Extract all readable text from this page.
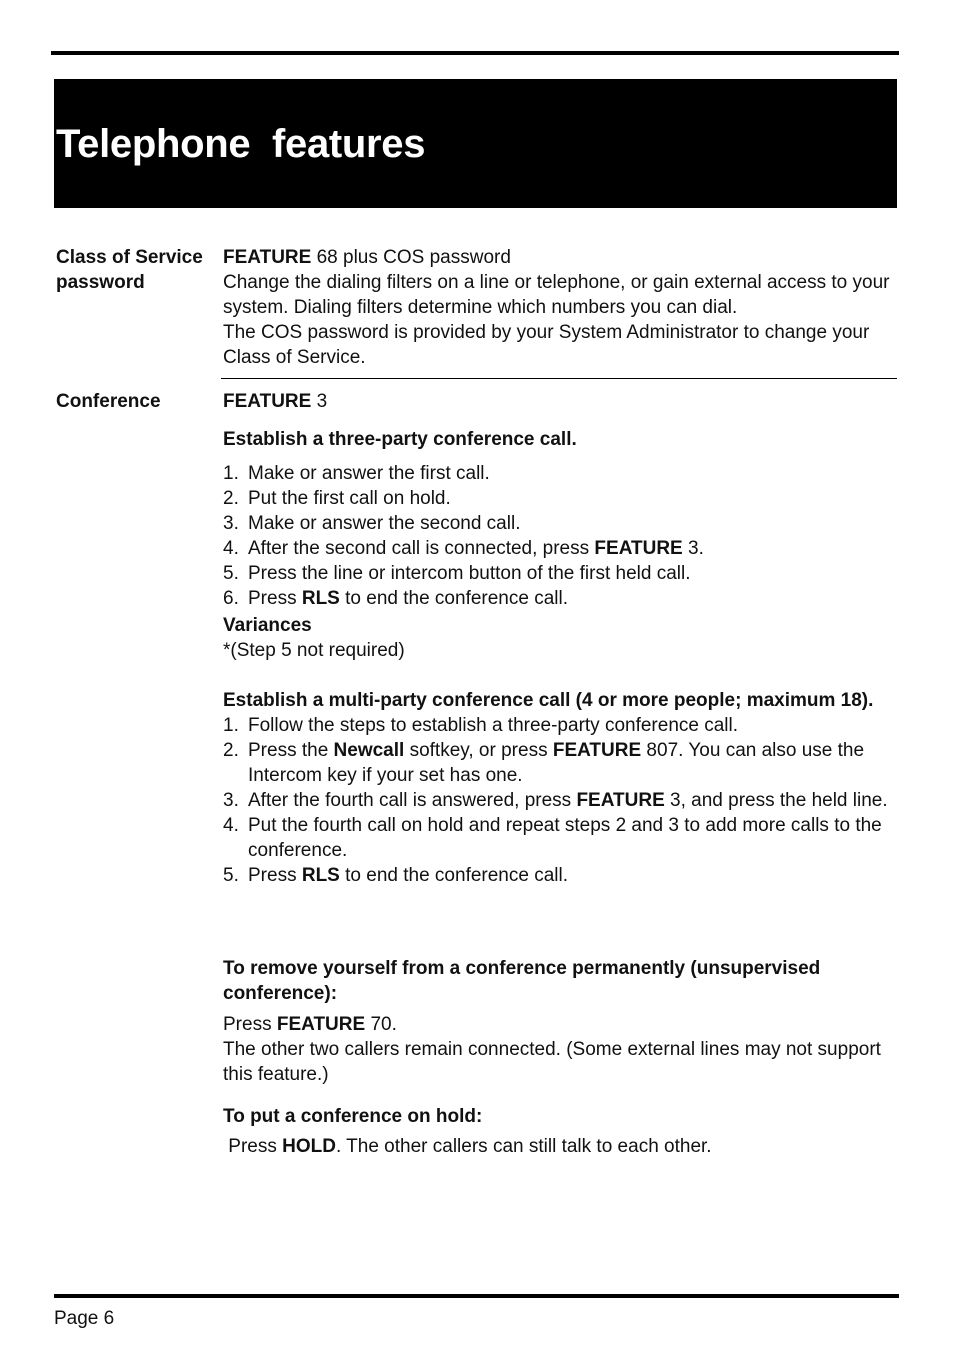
Telephone  features
Class of Service
password

FEATURE 68 plus COS password

Change the dialing filters on a line or telephone, or gain external access to your system. Dialing filters determine which numbers you can dial.

The COS password is provided by your System Administrator to change your Class of Service.

Conference	FEATURE 3

Establish a three-party conference call.

1. Make or answer the first call.
2. Put the first call on hold.
3. Make or answer the second call.
4. After the second call is connected, press FEATURE 3.
5. Press the line or intercom button of the first held call.
6. Press RLS to end the conference call.

Variances

*(Step 5 not required)

Establish a multi-party conference call (4 or more people; maximum 18).

1. Follow the steps to establish a three-party conference call.
2. Press the Newcall softkey, or press FEATURE 807. You can also use the Intercom key if your set has one.
3. After the fourth call is answered, press FEATURE 3, and press the held line.
4. Put the fourth call on hold and repeat steps 2 and 3 to add more calls to the conference.
5. Press RLS to end the conference call.

To remove yourself from a conference permanently (unsupervised conference):

Press FEATURE 70.

The other two callers remain connected. (Some external lines may not support this feature.)

To put a conference on hold:

Press HOLD. The other callers can still talk to each other.

Page 6
